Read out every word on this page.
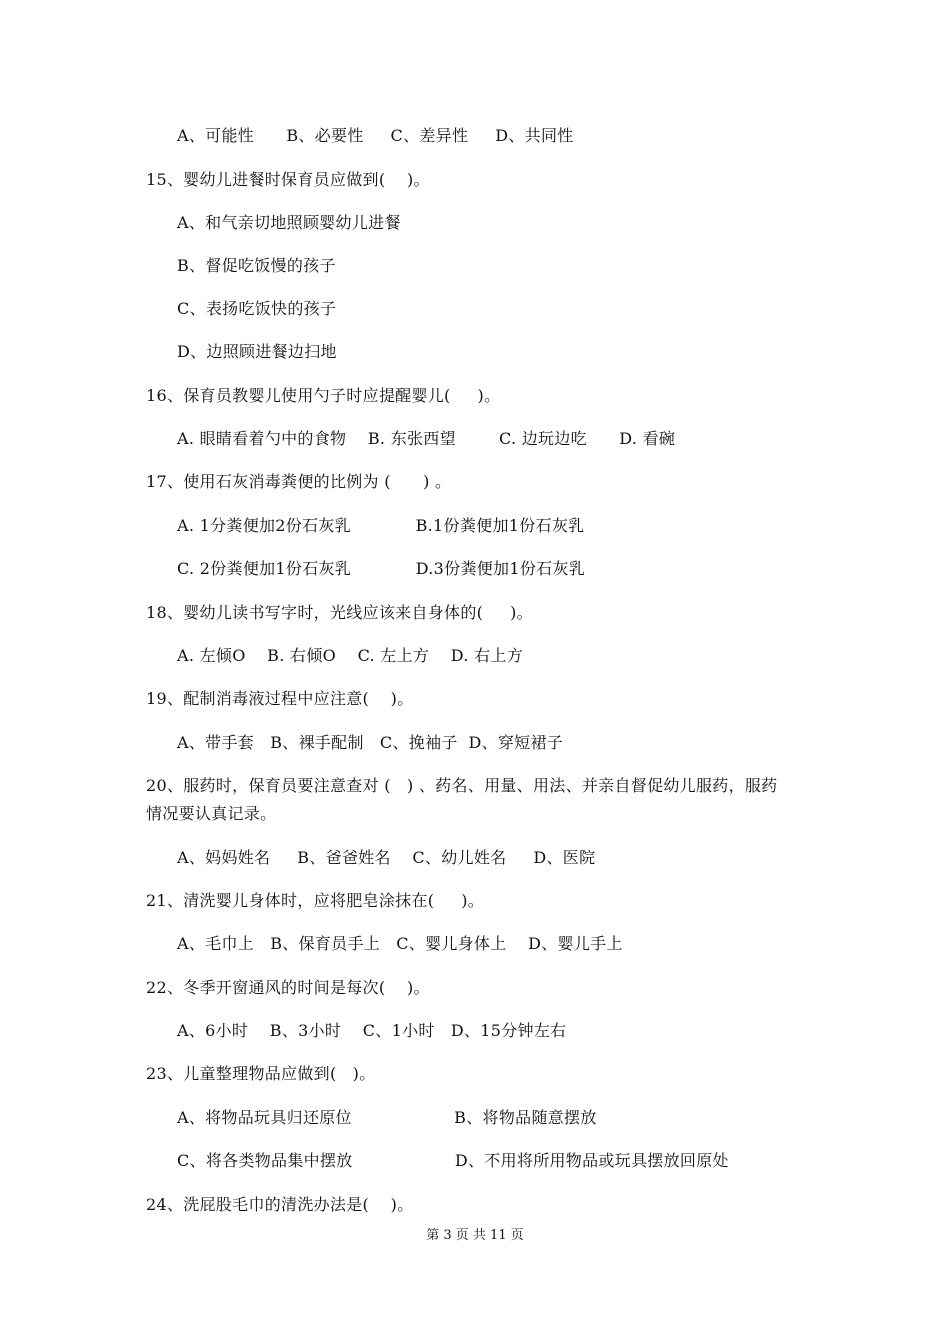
A、可能性      B、必要性     C、差异性     D、共同性
15、婴幼儿进餐时保育员应做到(    )。
A、和气亲切地照顾婴幼儿进餐
B、督促吃饭慢的孩子
C、表扬吃饭快的孩子
D、边照顾进餐边扫地
16、保育员教婴儿使用勺子时应提醒婴儿(     )。
A. 眼睛看着勺中的食物    B. 东张西望        C. 边玩边吃      D. 看碗
17、使用石灰消毒粪便的比例为 (      ) 。
A. 1分粪便加2份石灰乳            B.1份粪便加1份石灰乳
C. 2份粪便加1份石灰乳            D.3份粪便加1份石灰乳
18、婴幼儿读书写字时，光线应该来自身体的(     )。
A. 左倾O    B. 右倾O    C. 左上方    D. 右上方
19、配制消毒液过程中应注意(    )。
A、带手套   B、裸手配制   C、挽袖子  D、穿短裙子
20、服药时，保育员要注意查对 (   ) 、药名、用量、用法、并亲自督促幼儿服药，服药
情况要认真记录。
A、妈妈姓名     B、爸爸姓名    C、幼儿姓名     D、医院
21、清洗婴儿身体时，应将肥皂涂抹在(     )。
A、毛巾上   B、保育员手上   C、婴儿身体上    D、婴儿手上
22、冬季开窗通风的时间是每次(    )。
A、6小时    B、3小时    C、1小时   D、15分钟左右
23、儿童整理物品应做到(   )。
A、将物品玩具归还原位                   B、将物品随意摆放
C、将各类物品集中摆放                   D、不用将所用物品或玩具摆放回原处
24、洗屁股毛巾的清洗办法是(    )。
第 3 页 共 11 页
